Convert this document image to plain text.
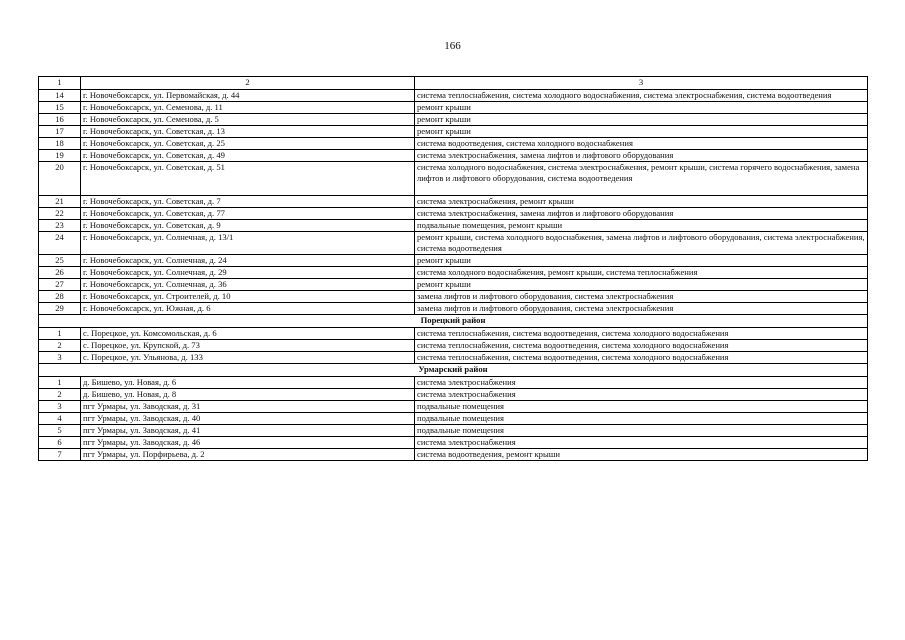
166
1	2	3
14	г. Новочебоксарск, ул. Первомайская, д. 44	система теплоснабжения, система холодного водоснабжения, система электроснабжения, система водоотведения
15	г. Новочебоксарск, ул. Семенова, д. 11	ремонт крыши
16	г. Новочебоксарск, ул. Семенова, д. 5	ремонт крыши
17	г. Новочебоксарск, ул. Советская, д. 13	ремонт крыши
18	г. Новочебоксарск, ул. Советская, д. 25	система водоотведения, система холодного водоснабжения
19	г. Новочебоксарск, ул. Советская, д. 49	система электроснабжения, замена лифтов и лифтового оборудования
20	г. Новочебоксарск, ул. Советская, д. 51	система холодного водоснабжения, система электроснабжения, ремонт крыши, система горячего водоснабжения, замена лифтов и лифтового оборудования, система водоотведения
21	г. Новочебоксарск, ул. Советская, д. 7	система электроснабжения, ремонт крыши
22	г. Новочебоксарск, ул. Советская, д. 77	система электроснабжения, замена лифтов и лифтового оборудования
23	г. Новочебоксарск, ул. Советская, д. 9	подвальные помещения, ремонт крыши
24	г. Новочебоксарск, ул. Солнечная, д. 13/1	ремонт крыши, система холодного водоснабжения, замена лифтов и лифтового оборудования, система электроснабжения, система водоотведения
25	г. Новочебоксарск, ул. Солнечная, д. 24	ремонт крыши
26	г. Новочебоксарск, ул. Солнечная, д. 29	система холодного водоснабжения, ремонт крыши, система теплоснабжения
27	г. Новочебоксарск, ул. Солнечная, д. 36	ремонт крыши
28	г. Новочебоксарск, ул. Строителей, д. 10	замена лифтов и лифтового оборудования, система электроснабжения
29	г. Новочебоксарск, ул. Южная, д. 6	замена лифтов и лифтового оборудования, система электроснабжения
Порецкий район		
1	с. Порецкое, ул. Комсомольская, д. 6	система теплоснабжения, система водоотведения, система холодного водоснабжения
2	с. Порецкое, ул. Крупской, д. 73	система теплоснабжения, система водоотведения, система холодного водоснабжения
3	с. Порецкое, ул. Ульянова, д. 133	система теплоснабжения, система водоотведения, система холодного водоснабжения
Урмарский район		
1	д. Бишево, ул. Новая, д. 6	система электроснабжения
2	д. Бишево, ул. Новая, д. 8	система электроснабжения
3	пгт Урмары, ул. Заводская, д. 31	подвальные помещения
4	пгт Урмары, ул. Заводская, д. 40	подвальные помещения
5	пгт Урмары, ул. Заводская, д. 41	подвальные помещения
6	пгт Урмары, ул. Заводская, д. 46	система электроснабжения
7	пгт Урмары, ул. Порфирьева, д. 2	система водоотведения, ремонт крыши
